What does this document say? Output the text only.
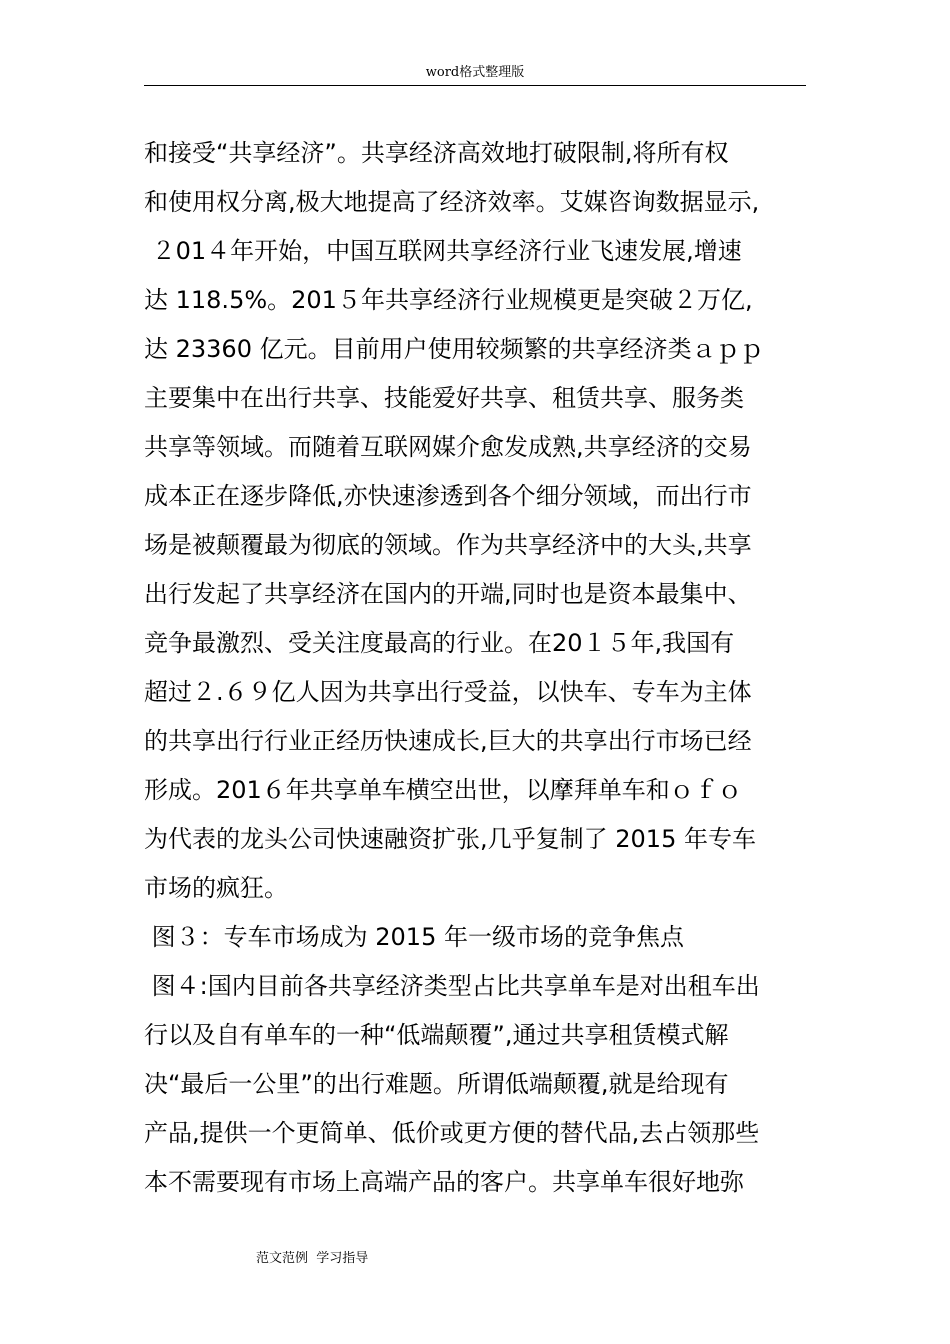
word格式整理版
和接受“共享经济”。共享经济高效地打破限制,将所有权
和使用权分离,极大地提高了经济效率。艾媒咨询数据显示,
２01４年开始，中国互联网共享经济行业飞速发展,增速
达 118.5%。201５年共享经济行业规模更是突破２万亿,
达 23360 亿元。目前用户使用较频繁的共享经济类ａｐｐ
主要集中在出行共享、技能爱好共享、租赁共享、服务类
共享等领域。而随着互联网媒介愈发成熟,共享经济的交易
成本正在逐步降低,亦快速渗透到各个细分领域，而出行市
场是被颠覆最为彻底的领域。作为共享经济中的大头,共享
出行发起了共享经济在国内的开端,同时也是资本最集中、
竞争最激烈、受关注度最高的行业。在20１５年,我国有
超过２.６９亿人因为共享出行受益，以快车、专车为主体
的共享出行行业正经历快速成长,巨大的共享出行市场已经
形成。201６年共享单车横空出世，以摩拜单车和ｏｆｏ
为代表的龙头公司快速融资扩张,几乎复制了 2015 年专车
市场的疯狂。
图３：专车市场成为 2015 年一级市场的竞争焦点
图４:国内目前各共享经济类型占比共享单车是对出租车出
行以及自有单车的一种“低端颠覆”,通过共享租赁模式解
决“最后一公里”的出行难题。所谓低端颠覆,就是给现有
产品,提供一个更简单、低价或更方便的替代品,去占领那些
本不需要现有市场上高端产品的客户。共享单车很好地弥
范文范例  学习指导
